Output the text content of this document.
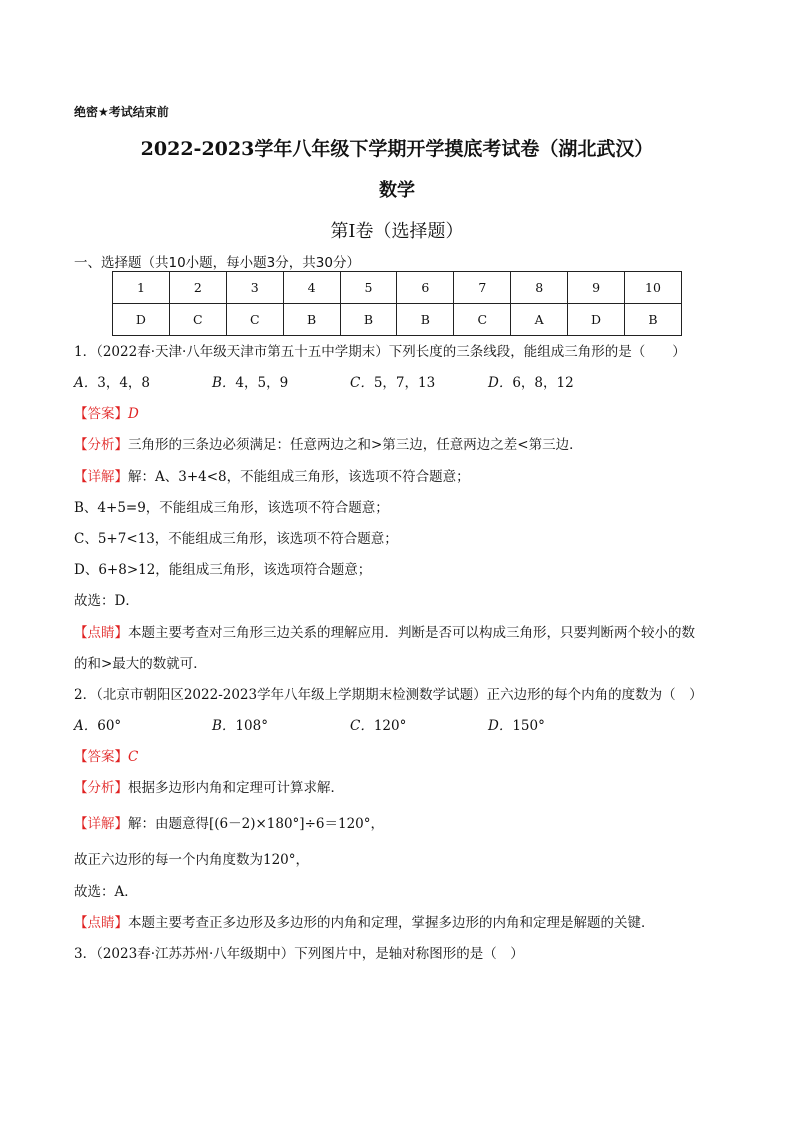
绝密★考试结束前
2022-2023学年八年级下学期开学摸底考试卷（湖北武汉）
数学
第Ⅰ卷（选择题）
一、选择题（共10小题，每小题3分，共30分）
1	2	3	4	5	6	7	8	9	10
D	C	C	B	B	B	C	A	D	B
1．（2022春·天津·八年级天津市第五十五中学期末）下列长度的三条线段，能组成三角形的是（　　）
A．3，4，8	B．4，5，9	C．5，7，13	D．6，8，12
【答案】D
【分析】三角形的三条边必须满足：任意两边之和>第三边，任意两边之差<第三边．
【详解】解：A、3+4<8，不能组成三角形，该选项不符合题意；
B、4+5=9，不能组成三角形，该选项不符合题意；
C、5+7<13，不能组成三角形，该选项不符合题意；
D、6+8>12，能组成三角形，该选项符合题意；
故选：D．
【点睛】本题主要考查对三角形三边关系的理解应用．判断是否可以构成三角形，只要判断两个较小的数
的和>最大的数就可．
2．（北京市朝阳区2022-2023学年八年级上学期期末检测数学试题）正六边形的每个内角的度数为（　）
A．60°	B．108°	C．120°	D．150°
【答案】C
【分析】根据多边形内角和定理可计算求解．
【详解】解：由题意得[(6－2)×180°]÷6＝120°，
故正六边形的每一个内角度数为120°，
故选：A．
【点睛】本题主要考查正多边形及多边形的内角和定理，掌握多边形的内角和定理是解题的关键．
3．（2023春·江苏苏州·八年级期中）下列图片中，是轴对称图形的是（　）
